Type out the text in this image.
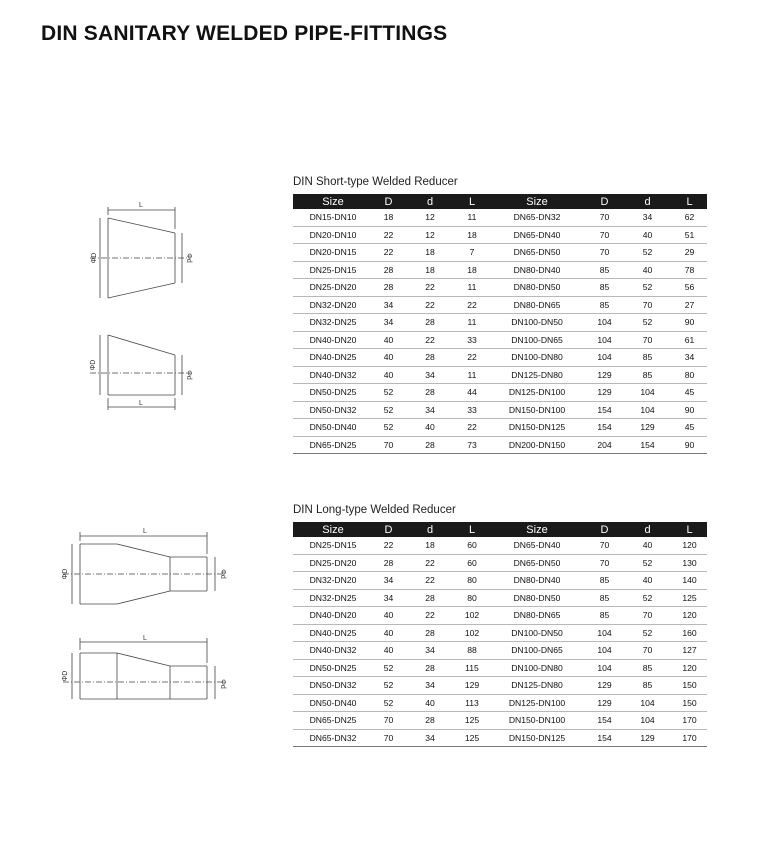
DIN SANITARY WELDED PIPE-FITTINGS
L
ΦD	Φd
L
ΦD
Φd
L
ΦD	Φd
L
ΦD
Φd
DIN Short-type Welded Reducer
Size	D	d	L	Size	D	d	L
DN15-DN10	18	12	11	DN65-DN32	70	34	62
DN20-DN10	22	12	18	DN65-DN40	70	40	51
DN20-DN15	22	18	7	DN65-DN50	70	52	29
DN25-DN15	28	18	18	DN80-DN40	85	40	78
DN25-DN20	28	22	11	DN80-DN50	85	52	56
DN32-DN20	34	22	22	DN80-DN65	85	70	27
DN32-DN25	34	28	11	DN100-DN50	104	52	90
DN40-DN20	40	22	33	DN100-DN65	104	70	61
DN40-DN25	40	28	22	DN100-DN80	104	85	34
DN40-DN32	40	34	11	DN125-DN80	129	85	80
DN50-DN25	52	28	44	DN125-DN100	129	104	45
DN50-DN32	52	34	33	DN150-DN100	154	104	90
DN50-DN40	52	40	22	DN150-DN125	154	129	45
DN65-DN25	70	28	73	DN200-DN150	204	154	90
DIN Long-type Welded Reducer
Size	D	d	L	Size	D	d	L
DN25-DN15	22	18	60	DN65-DN40	70	40	120
DN25-DN20	28	22	60	DN65-DN50	70	52	130
DN32-DN20	34	22	80	DN80-DN40	85	40	140
DN32-DN25	34	28	80	DN80-DN50	85	52	125
DN40-DN20	40	22	102	DN80-DN65	85	70	120
DN40-DN25	40	28	102	DN100-DN50	104	52	160
DN40-DN32	40	34	88	DN100-DN65	104	70	127
DN50-DN25	52	28	115	DN100-DN80	104	85	120
DN50-DN32	52	34	129	DN125-DN80	129	85	150
DN50-DN40	52	40	113	DN125-DN100	129	104	150
DN65-DN25	70	28	125	DN150-DN100	154	104	170
DN65-DN32	70	34	125	DN150-DN125	154	129	170
